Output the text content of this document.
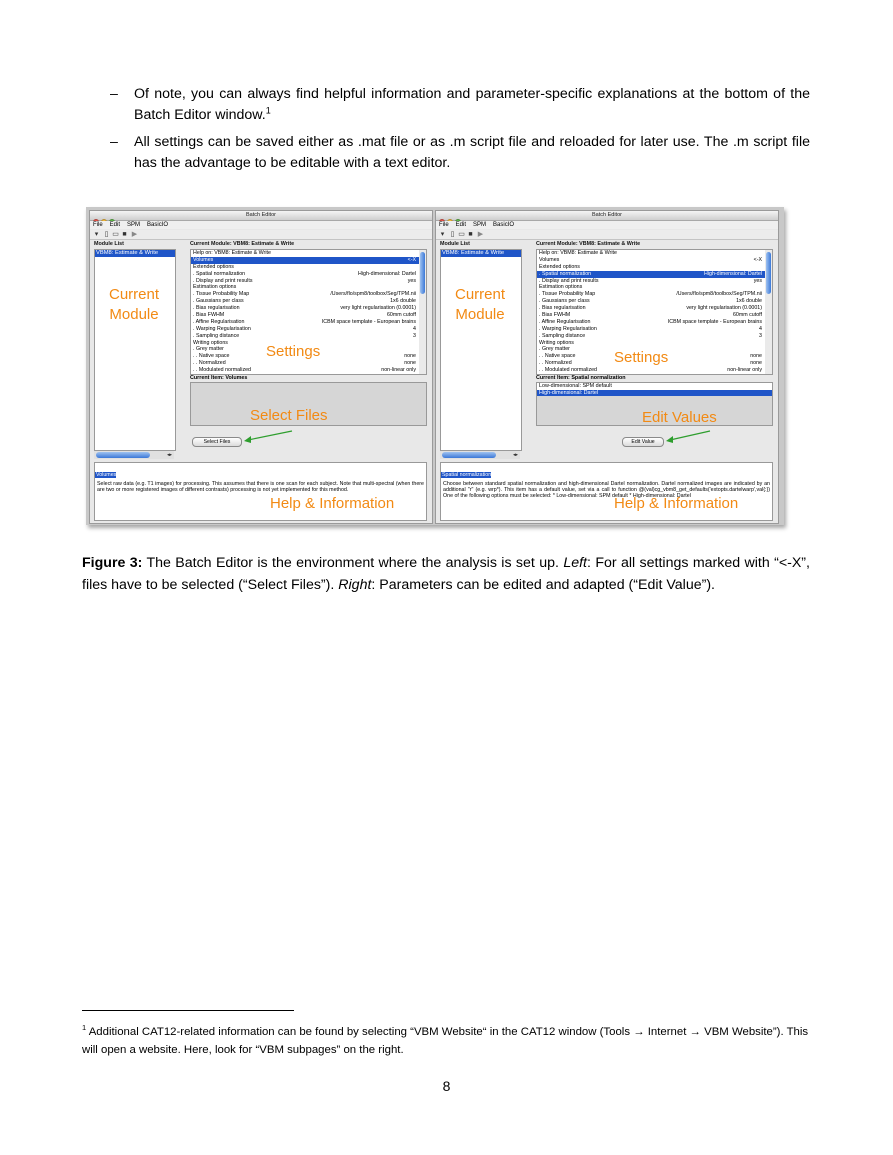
– Of note, you can always find helpful information and parameter-specific explanations at the bottom of the Batch Editor window.$^1$
– All settings can be saved either as .mat file or as .m script file and reloaded for later use. The .m script file has the advantage to be editable with a text editor.
Batch Editor
File Edit SPM BasicIO
▾ ▯ ▭ ■ ▶
Module List	Current Module: VBM8: Estimate & Write
VBM8: Estimate & Write
Current Module
◂▸
Help on: VBM8: Estimate & Write
Volumes	<-X
Extended options
. Spatial normalization	High-dimensional: Dartel
. Display and print results	yes
Estimation options
. Tissue Probability Map	/Users/flo/spm8/toolbox/Seg/TPM.nii
. Gaussians per class	1x6 double
. Bias regularisation	very light regularisation (0.0001)
. Bias FWHM	60mm cutoff
. Affine Regularisation	ICBM space template - European brains
. Warping Regularisation	4
. Sampling distance	3
Writing options
. Grey matter
. . Native space	none
. . Normalized	none
. . Modulated normalized	non-linear only
Settings
Current Item: Volumes
Select Files
Select Files
Volumes
Select raw data (e.g. T1 images) for processing. This assumes that there is one scan for each subject. Note that multi-spectral (when there are two or more registered images of different contrasts) processing is not yet implemented for this method.
Help & Information
Batch Editor
File Edit SPM BasicIO
▾ ▯ ▭ ■ ▶
Module List	Current Module: VBM8: Estimate & Write
VBM8: Estimate & Write
Current Module
◂▸
Help on: VBM8: Estimate & Write
Volumes	<-X
Extended options
. Spatial normalization	High-dimensional: Dartel
. Display and print results	yes
Estimation options
. Tissue Probability Map	/Users/flo/spm8/toolbox/Seg/TPM.nii
. Gaussians per class	1x6 double
. Bias regularisation	very light regularisation (0.0001)
. Bias FWHM	60mm cutoff
. Affine Regularisation	ICBM space template - European brains
. Warping Regularisation	4
. Sampling distance	3
Writing options
. Grey matter
. . Native space	none
. . Normalized	none
. . Modulated normalized	non-linear only
Settings
Current Item: Spatial normalization
Low-dimensional: SPM default
High-dimensional: Dartel
Edit Values
Edit Value
Spatial normalization
Choose between standard spatial normalization and high-dimensional Dartel normalization. Dartel normalized images are indicated by an additional "r" (e.g. wrp*). This item has a default value, set via a call to function @(val)cg_vbm8_get_defaults('extopts.dartelwarp',val{:}) One of the following options must be selected: * Low-dimensional: SPM default * High-dimensional: Dartel
Help & Information
Figure 3: The Batch Editor is the environment where the analysis is set up. Left: For all settings marked with “<-X”, files have to be selected (“Select Files”). Right: Parameters can be edited and adapted (“Edit Value”).
$^1$ Additional CAT12-related information can be found by selecting “VBM Website“ in the CAT12 window (Tools → Internet → VBM Website”). This will open a website. Here, look for “VBM subpages” on the right.
8
